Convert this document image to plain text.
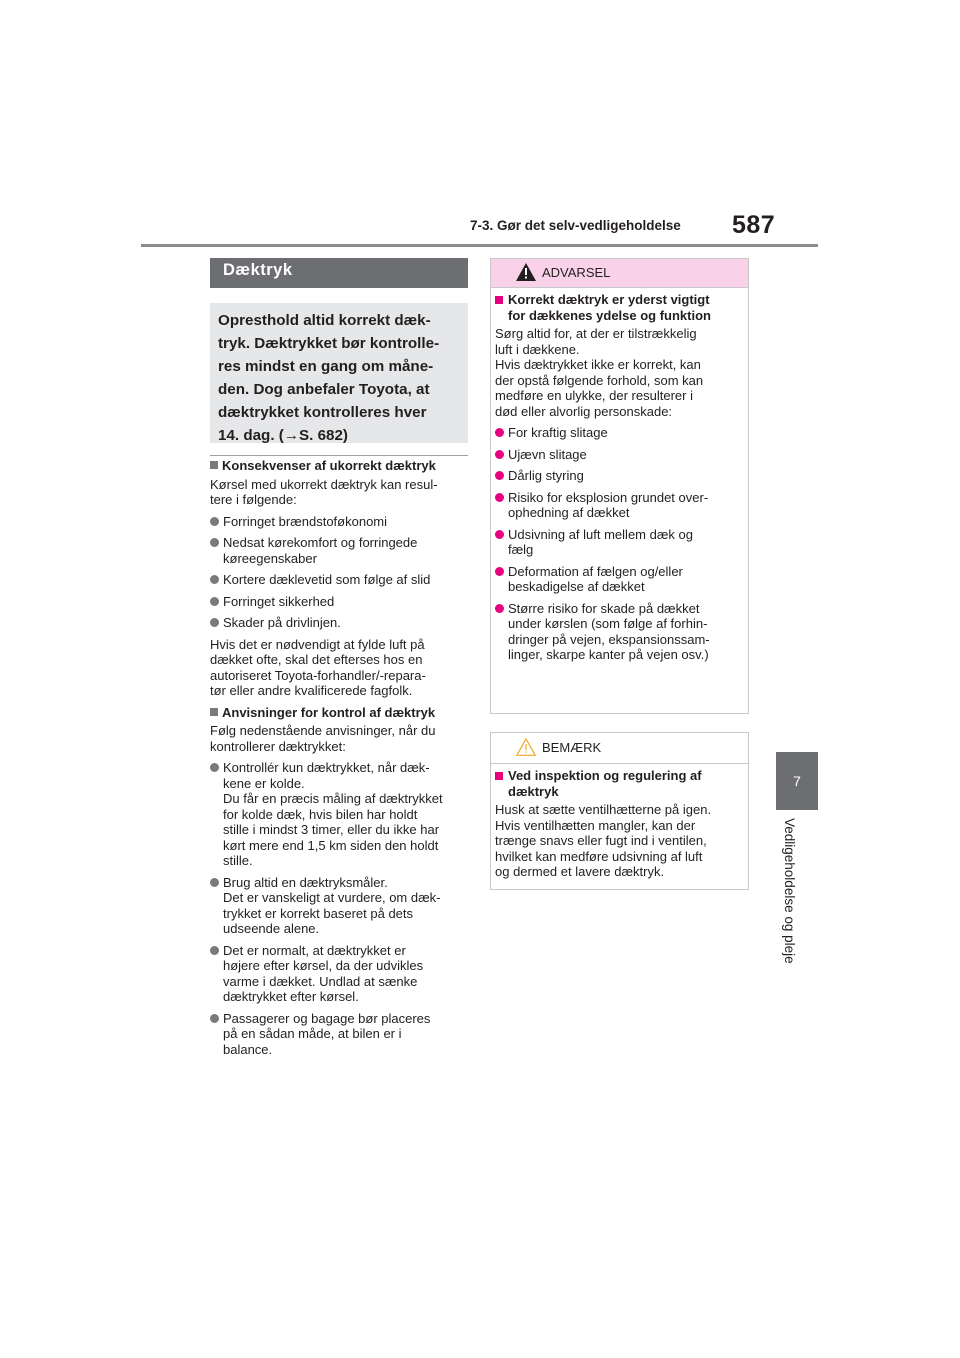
7-3. Gør det selv-vedligeholdelse 587
7
Vedligeholdelse og pleje
Dæktryk
Opresthold altid korrekt dæk-
tryk. Dæktrykket bør kontrolle-
res mindst en gang om måne-
den. Dog anbefaler Toyota, at
dæktrykket kontrolleres hver
14. dag. (→S. 682)
Konsekvenser af ukorrekt dæktryk

Kørsel med ukorrekt dæktryk kan resul-
tere i følgende:

Forringet brændstoføkonomi
Nedsat kørekomfort og forringede
køreegenskaber
Kortere dæklevetid som følge af slid
Forringet sikkerhed
Skader på drivlinjen.

Hvis det er nødvendigt at fylde luft på
dækket ofte, skal det efterses hos en
autoriseret Toyota-forhandler/-repara-
tør eller andre kvalificerede fagfolk.

Anvisninger for kontrol af dæktryk

Følg nedenstående anvisninger, når du
kontrollerer dæktrykket:

Kontrollér kun dæktrykket, når dæk-
kene er kolde.
Du får en præcis måling af dæktrykket
for kolde dæk, hvis bilen har holdt
stille i mindst 3 timer, eller du ikke har
kørt mere end 1,5 km siden den holdt
stille.
Brug altid en dæktryksmåler.
Det er vanskeligt at vurdere, om dæk-
trykket er korrekt baseret på dets
udseende alene.
Det er normalt, at dæktrykket er
højere efter kørsel, da der udvikles
varme i dækket. Undlad at sænke
dæktrykket efter kørsel.
Passagerer og bagage bør placeres
på en sådan måde, at bilen er i
balance.
ADVARSEL
Korrekt dæktryk er yderst vigtigt
for dækkenes ydelse og funktion

Sørg altid for, at der er tilstrækkelig
luft i dækkene.
Hvis dæktrykket ikke er korrekt, kan
der opstå følgende forhold, som kan
medføre en ulykke, der resulterer i
død eller alvorlig personskade:

For kraftig slitage
Ujævn slitage
Dårlig styring
Risiko for eksplosion grundet over-
ophedning af dækket
Udsivning af luft mellem dæk og
fælg
Deformation af fælgen og/eller
beskadigelse af dækket
Større risiko for skade på dækket
under kørslen (som følge af forhin-
dringer på vejen, ekspansionssam-
linger, skarpe kanter på vejen osv.)
BEMÆRK
Ved inspektion og regulering af
dæktryk

Husk at sætte ventilhætterne på igen.
Hvis ventilhætten mangler, kan der
trænge snavs eller fugt ind i ventilen,
hvilket kan medføre udsivning af luft
og dermed et lavere dæktryk.
